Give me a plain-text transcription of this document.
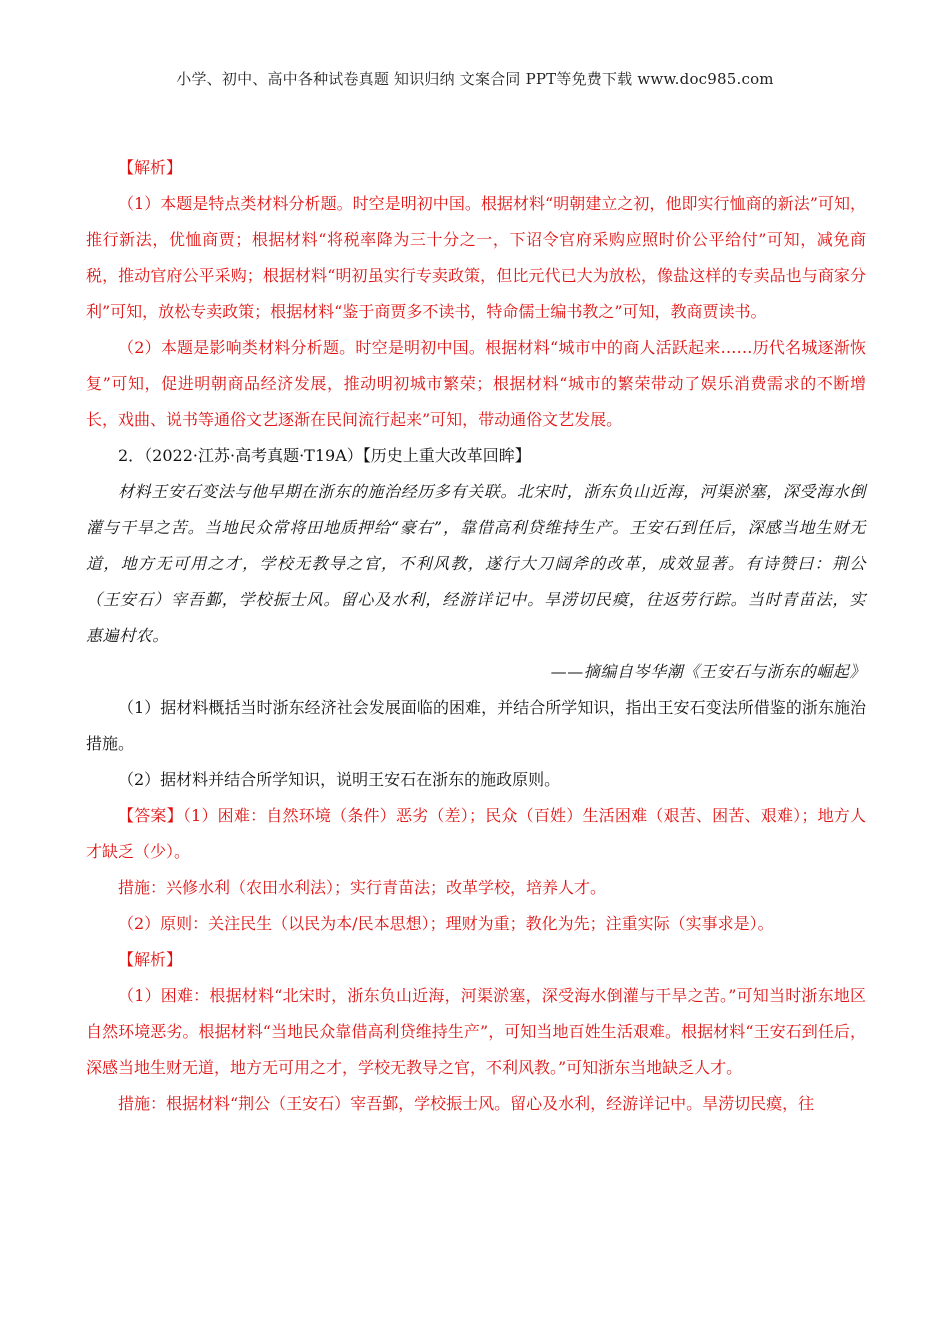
小学、初中、高中各种试卷真题 知识归纳 文案合同 PPT等免费下载 www.doc985.com

【解析】

（1）本题是特点类材料分析题。时空是明初中国。根据材料“明朝建立之初，他即实行恤商的新法”可知，推行新法，优恤商贾；根据材料“将税率降为三十分之一，下诏令官府采购应照时价公平给付”可知，减免商税，推动官府公平采购；根据材料“明初虽实行专卖政策，但比元代已大为放松，像盐这样的专卖品也与商家分利”可知，放松专卖政策；根据材料“鉴于商贾多不读书，特命儒士编书教之”可知，教商贾读书。

（2）本题是影响类材料分析题。时空是明初中国。根据材料“城市中的商人活跃起来……历代名城逐渐恢复”可知，促进明朝商品经济发展，推动明初城市繁荣；根据材料“城市的繁荣带动了娱乐消费需求的不断增长，戏曲、说书等通俗文艺逐渐在民间流行起来”可知，带动通俗文艺发展。

2．（2022·江苏·高考真题·T19A）【历史上重大改革回眸】

材料王安石变法与他早期在浙东的施治经历多有关联。北宋时，浙东负山近海，河渠淤塞，深受海水倒灌与干旱之苦。当地民众常将田地质押给“豪右”，靠借高利贷维持生产。王安石到任后，深感当地生财无道，地方无可用之才，学校无教导之官，不利风教，遂行大刀阔斧的改革，成效显著。有诗赞曰：荆公（王安石）宰吾鄞，学校振士风。留心及水利，经游详记中。旱涝切民瘼，往返劳行踪。当时青苗法，实惠遍村农。

——摘编自岑华潮《王安石与浙东的崛起》

（1）据材料概括当时浙东经济社会发展面临的困难，并结合所学知识，指出王安石变法所借鉴的浙东施治措施。

（2）据材料并结合所学知识，说明王安石在浙东的施政原则。

【答案】（1）困难：自然环境（条件）恶劣（差）；民众（百姓）生活困难（艰苦、困苦、艰难）；地方人才缺乏（少）。

措施：兴修水利（农田水利法）；实行青苗法；改革学校，培养人才。

（2）原则：关注民生（以民为本/民本思想）；理财为重；教化为先；注重实际（实事求是）。

【解析】

（1）困难：根据材料“北宋时，浙东负山近海，河渠淤塞，深受海水倒灌与干旱之苦。”可知当时浙东地区自然环境恶劣。根据材料“当地民众靠借高利贷维持生产”，可知当地百姓生活艰难。根据材料“王安石到任后，深感当地生财无道，地方无可用之才，学校无教导之官，不利风教。”可知浙东当地缺乏人才。

措施：根据材料“荆公（王安石）宰吾鄞，学校振士风。留心及水利，经游详记中。旱涝切民瘼，往
